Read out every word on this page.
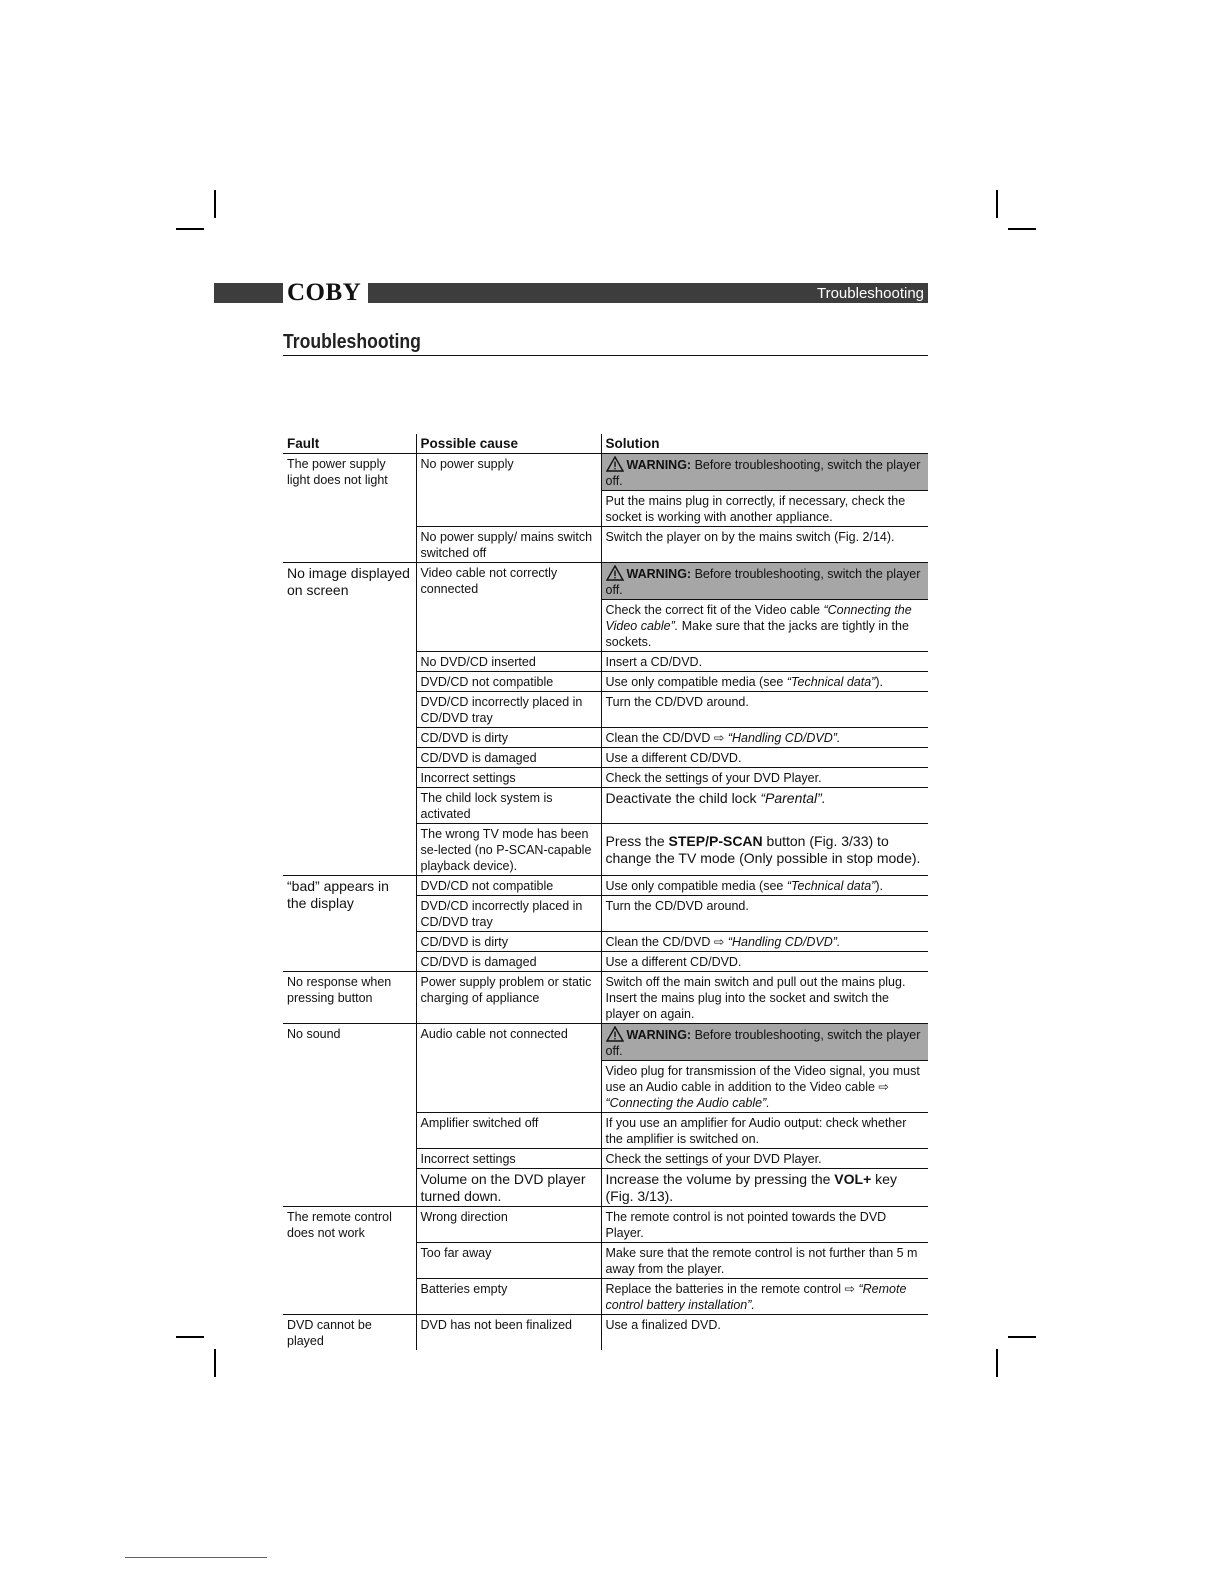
COBY	Troubleshooting
Troubleshooting
Fault	Possible cause	Solution
The power supply light does not light	No power supply	WARNING: Before troubleshooting, switch the player off.
		Put the mains plug in correctly, if necessary, check the socket is working with another appliance.
	No power supply/ mains switch switched off	Switch the player on by the mains switch (Fig. 2/14).
No image displayed on screen	Video cable not correctly connected	WARNING: Before troubleshooting, switch the player off.
		Check the correct fit of the Video cable “Connecting the Video cable”. Make sure that the jacks are tightly in the sockets.
	No DVD/CD inserted	Insert a CD/DVD.
	DVD/CD not compatible	Use only compatible media (see “Technical data”).
	DVD/CD incorrectly placed in CD/DVD tray	Turn the CD/DVD around.
	CD/DVD is dirty	Clean the CD/DVD ⇨ “Handling CD/DVD”.
	CD/DVD is damaged	Use a different CD/DVD.
	Incorrect settings	Check the settings of your DVD Player.
	The child lock system is activated	Deactivate the child lock “Parental”.
	The wrong TV mode has been se-lected (no P-SCAN-capable playback device).	Press the STEP/P-SCAN button (Fig. 3/33) to change the TV mode (Only possible in stop mode).
“bad” appears in the display	DVD/CD not compatible	Use only compatible media (see “Technical data”).
	DVD/CD incorrectly placed in CD/DVD tray	Turn the CD/DVD around.
	CD/DVD is dirty	Clean the CD/DVD ⇨ “Handling CD/DVD”.
	CD/DVD is damaged	Use a different CD/DVD.
No response when pressing button	Power supply problem or static charging of appliance	Switch off the main switch and pull out the mains plug. Insert the mains plug into the socket and switch the player on again.
No sound	Audio cable not connected	WARNING: Before troubleshooting, switch the player off.
		Video plug for transmission of the Video signal, you must use an Audio cable in addition to the Video cable ⇨ “Connecting the Audio cable”.
	Amplifier switched off	If you use an amplifier for Audio output: check whether the amplifier is switched on.
	Incorrect settings	Check the settings of your DVD Player.
	Volume on the DVD player turned down.	Increase the volume by pressing the VOL+ key (Fig. 3/13).
The remote control does not work	Wrong direction	The remote control is not pointed towards the DVD Player.
	Too far away	Make sure that the remote control is not further than 5 m away from the player.
	Batteries empty	Replace the batteries in the remote control ⇨ “Remote control battery installation”.
DVD cannot be played	DVD has not been finalized	Use a finalized DVD.
